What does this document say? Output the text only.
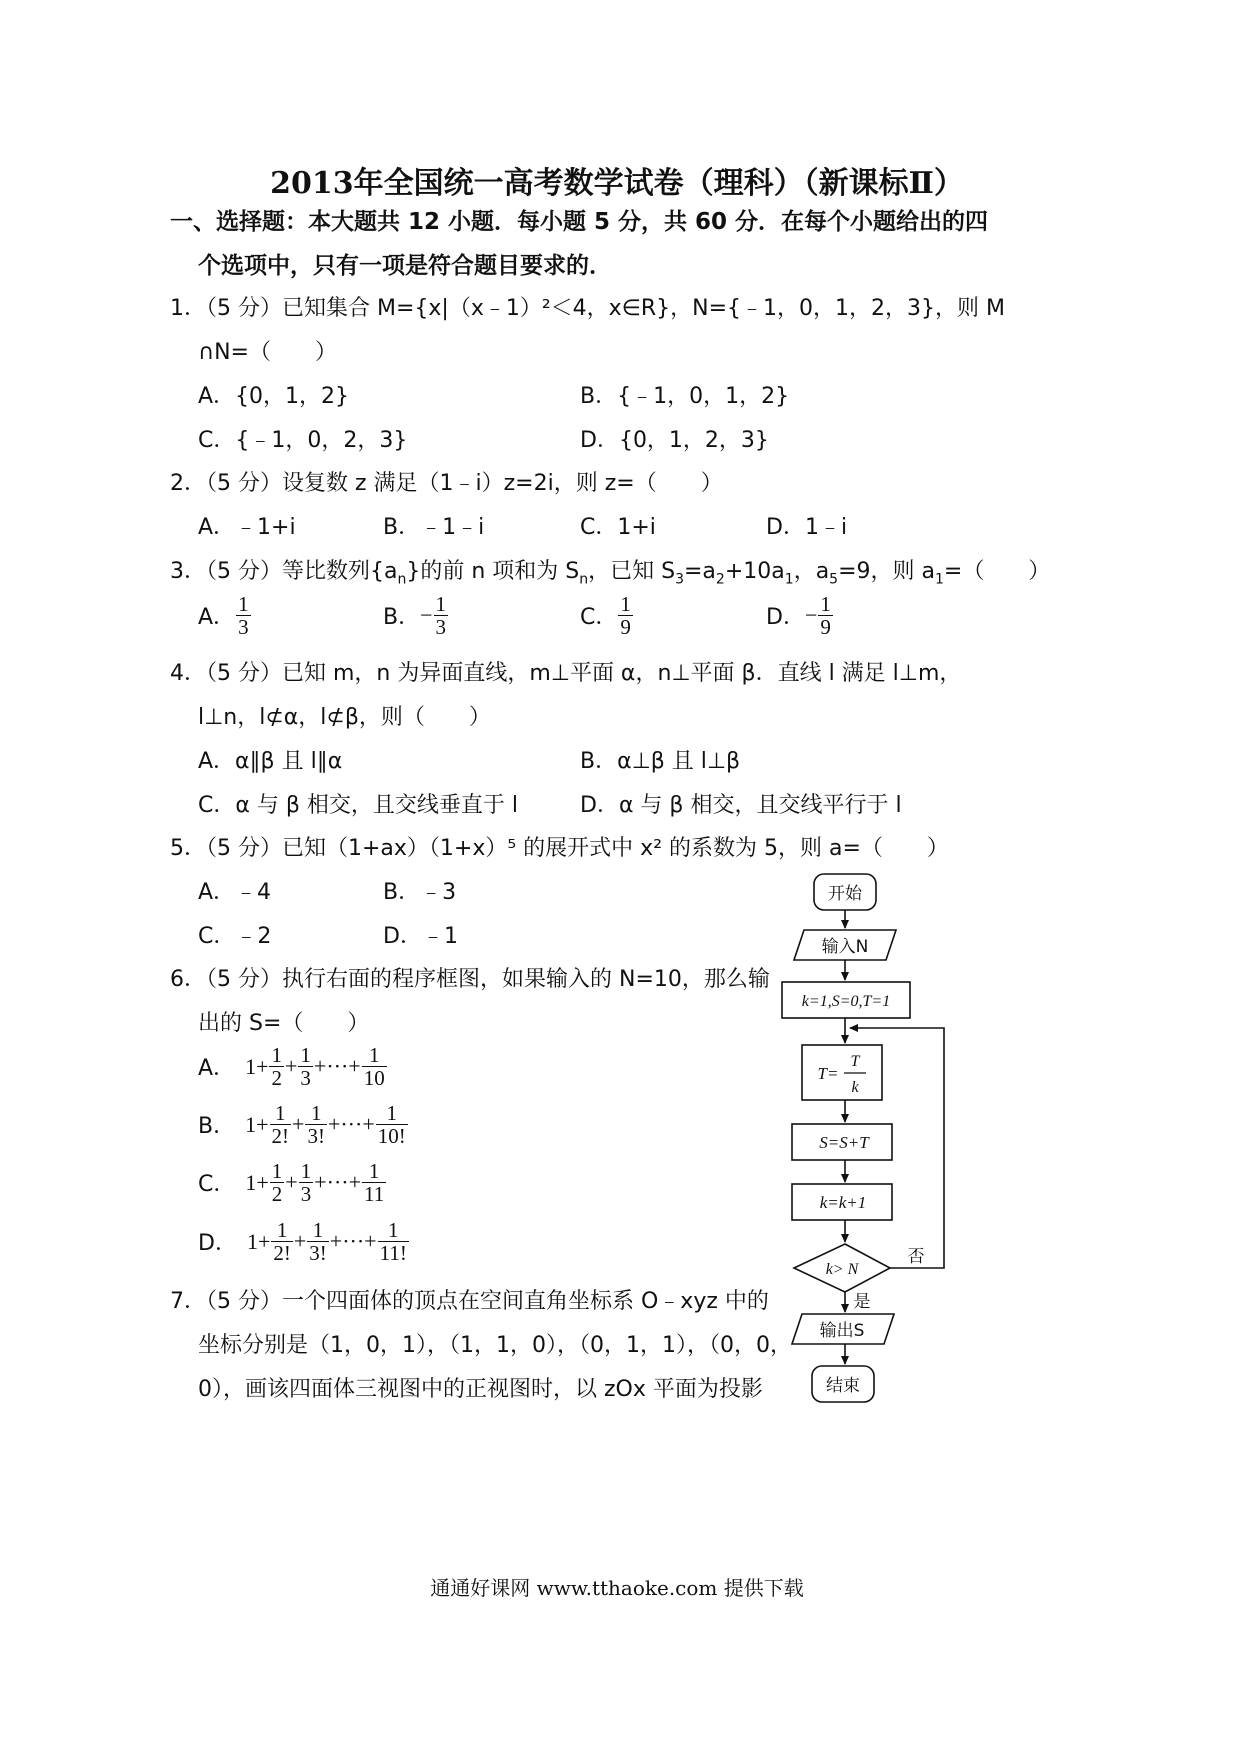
2013年全国统一高考数学试卷（理科）（新课标Ⅱ）
一、选择题：本大题共 12 小题．每小题 5 分，共 60 分．在每个小题给出的四
个选项中，只有一项是符合题目要求的．
1．（5 分）已知集合 M={x|（x﹣1）²＜4，x∈R}，N={﹣1，0，1，2，3}，则 M
∩N=（　　）
A．{0，1，2}	B．{﹣1，0，1，2}
C．{﹣1，0，2，3}	D．{0，1，2，3}
2．（5 分）设复数 z 满足（1﹣i）z=2i，则 z=（　　）
A．﹣1+i	B．﹣1﹣i	C．1+i	D．1﹣i
3．（5 分）等比数列$\{a_n\}$的前 n 项和为 $S_n$，已知 $S_3=a_2+10a_1$，$a_5=9$，则 $a_1=$（　　）
A． $\frac{1}{3}$	B．− $\frac{1}{3}$	C． $\frac{1}{9}$	D．− $\frac{1}{9}$
4．（5 分）已知 m，n 为异面直线，m⊥平面 α，n⊥平面 β．直线 l 满足 l⊥m，
l⊥n，l⊄α，l⊄β，则（　　）
A．α∥β 且 l∥α	B．α⊥β 且 l⊥β
C．α 与 β 相交，且交线垂直于 l	D．α 与 β 相交，且交线平行于 l
5．（5 分）已知（1+ax）（1+x）⁵ 的展开式中 x² 的系数为 5，则 a=（　　）
A．﹣4	B．﹣3
C．﹣2	D．﹣1
6．（5 分）执行右面的程序框图，如果输入的 N=10，那么输
出的 S=（　　）
A． $1+ \frac{1}{2} + \frac{1}{3}$ +···+ $\frac{1}{10}$
B． $1+ \frac{1}{2!} + \frac{1}{3!}$ +···+ $\frac{1}{10!}$
C． $1+ \frac{1}{2} + \frac{1}{3}$ +···+ $\frac{1}{11}$
D． $1+ \frac{1}{2!} + \frac{1}{3!}$ +···+ $\frac{1}{11!}$
7．（5 分）一个四面体的顶点在空间直角坐标系 O﹣xyz 中的
坐标分别是（1，0，1），（1，1，0），（0，1，1），（0，0，
0），画该四面体三视图中的正视图时，以 zOx 平面为投影
开始
输入N
k=1,S=0,T=1
T=
T
k
S=S+T
k=k+1
k> N
否
是
输出S
结束
通通好课网 www.tthaoke.com 提供下载
